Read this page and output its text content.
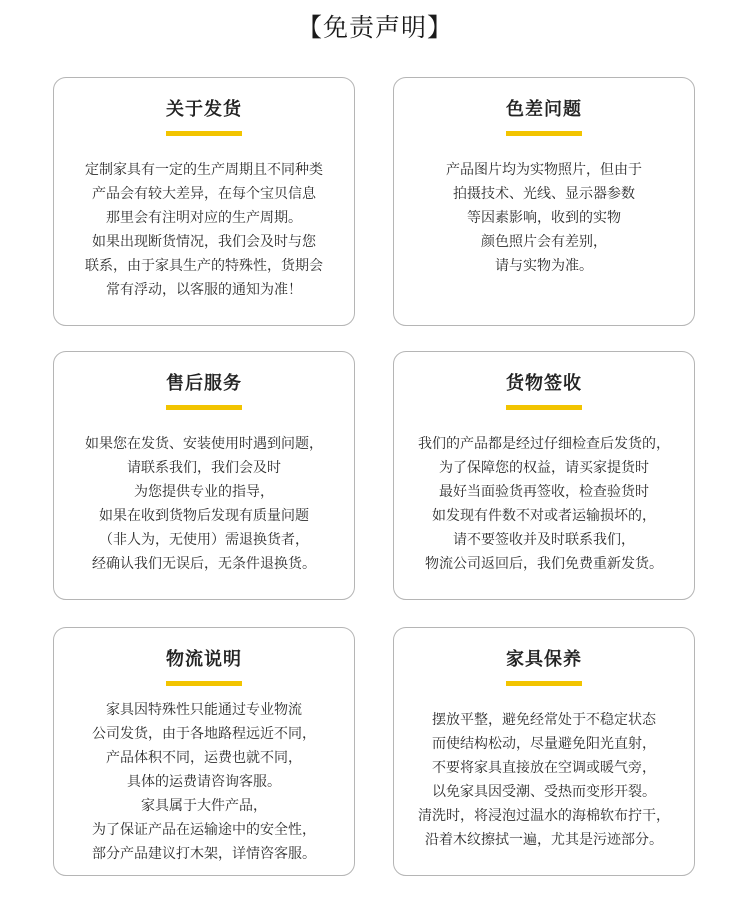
【免责声明】
关于发货
定制家具有一定的生产周期且不同种类
产品会有较大差异，在每个宝贝信息
那里会有注明对应的生产周期。
如果出现断货情况，我们会及时与您
联系，由于家具生产的特殊性，货期会
常有浮动，以客服的通知为准！
色差问题
产品图片均为实物照片，但由于
拍摄技术、光线、显示器参数
等因素影响，收到的实物
颜色照片会有差别，
请与实物为准。
售后服务
如果您在发货、安装使用时遇到问题，
请联系我们，我们会及时
为您提供专业的指导，
如果在收到货物后发现有质量问题
（非人为，无使用）需退换货者，
经确认我们无误后，无条件退换货。
货物签收
我们的产品都是经过仔细检查后发货的，
为了保障您的权益，请买家提货时
最好当面验货再签收，检查验货时
如发现有件数不对或者运输损坏的，
请不要签收并及时联系我们，
物流公司返回后，我们免费重新发货。
物流说明
家具因特殊性只能通过专业物流
公司发货，由于各地路程远近不同，
产品体积不同，运费也就不同，
具体的运费请咨询客服。
家具属于大件产品，
为了保证产品在运输途中的安全性，
部分产品建议打木架，详情咨客服。
家具保养
摆放平整，避免经常处于不稳定状态
而使结构松动，尽量避免阳光直射，
不要将家具直接放在空调或暖气旁，
以免家具因受潮、受热而变形开裂。
清洗时，将浸泡过温水的海棉软布拧干，
沿着木纹擦拭一遍，尤其是污迹部分。
